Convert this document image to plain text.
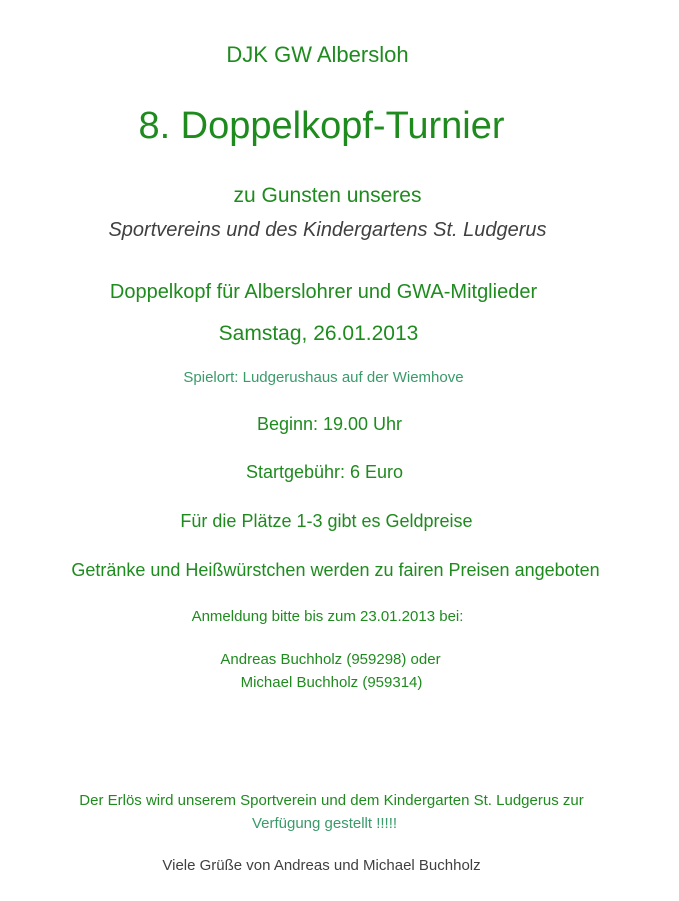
DJK GW Albersloh
8. Doppelkopf-Turnier
zu Gunsten unseres
Sportvereins und des Kindergartens St. Ludgerus
Doppelkopf für Alberslohrer und GWA-Mitglieder
Samstag, 26.01.2013
Spielort: Ludgerushaus auf der Wiemhove
Beginn: 19.00 Uhr
Startgebühr: 6 Euro
Für die Plätze 1-3 gibt es Geldpreise
Getränke und Heißwürstchen werden zu fairen Preisen angeboten
Anmeldung bitte bis zum 23.01.2013 bei:
Andreas Buchholz (959298) oder
Michael Buchholz (959314)
Der Erlös wird unserem Sportverein und dem Kindergarten St. Ludgerus zur
Verfügung gestellt !!!!!
Viele Grüße von Andreas und Michael Buchholz
